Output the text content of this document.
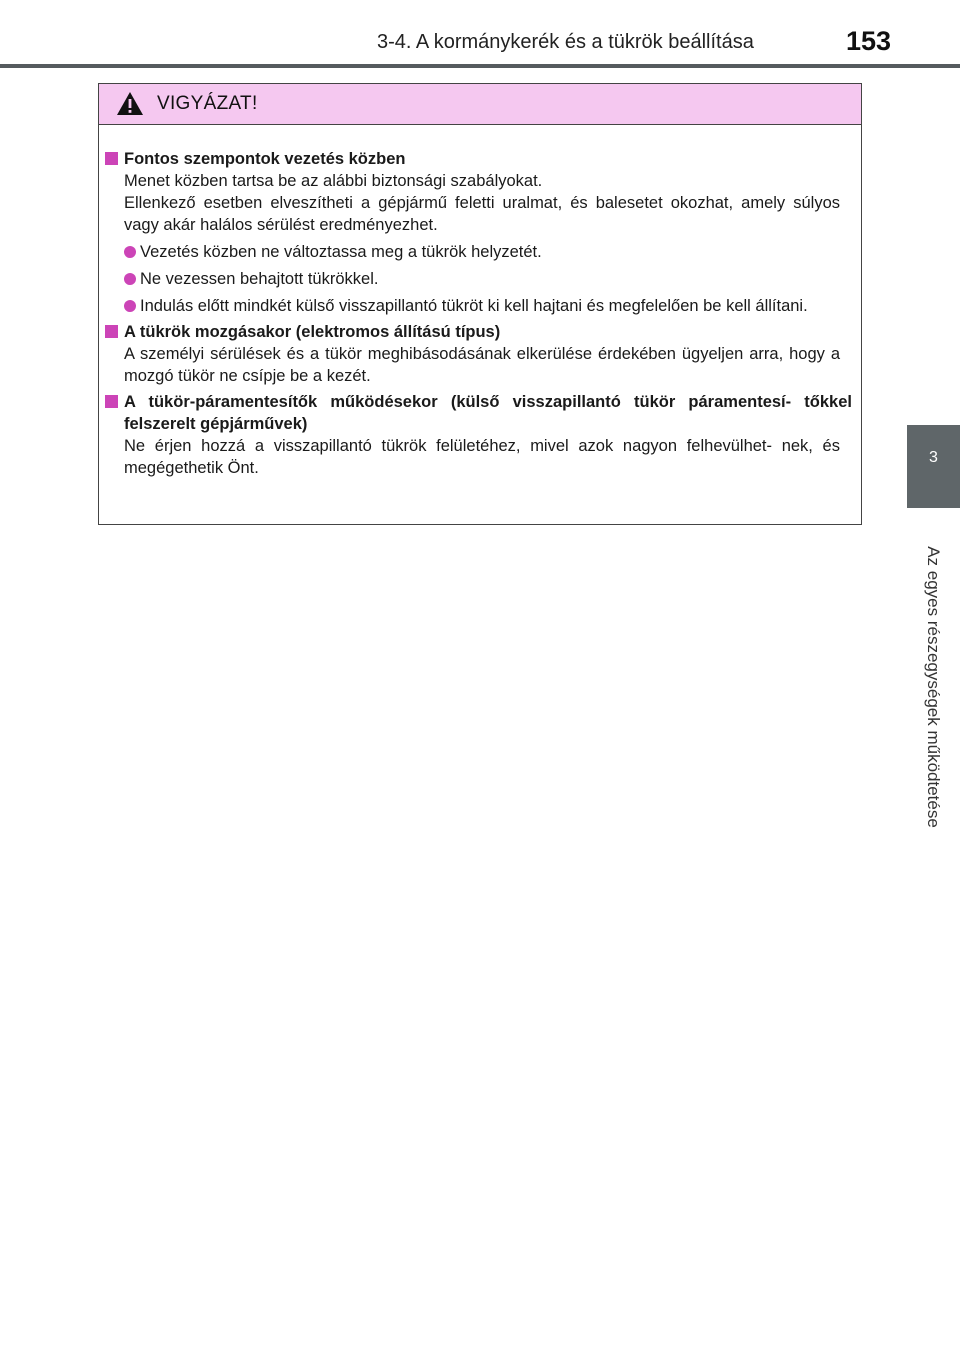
3-4. A kormánykerék és a tükrök beállítása	153
3
Az egyes részegységek működtetése
VIGYÁZAT!
Fontos szempontok vezetés közben
Menet közben tartsa be az alábbi biztonsági szabályokat.
Ellenkező esetben elveszítheti a gépjármű feletti uralmat, és balesetet okozhat, amely súlyos vagy akár halálos sérülést eredményezhet.
Vezetés közben ne változtassa meg a tükrök helyzetét.
Ne vezessen behajtott tükrökkel.
Indulás előtt mindkét külső visszapillantó tükröt ki kell hajtani és megfelelően be kell állítani.
A tükrök mozgásakor (elektromos állítású típus)
A személyi sérülések és a tükör meghibásodásának elkerülése érdekében ügyeljen arra, hogy a mozgó tükör ne csípje be a kezét.
A tükör-páramentesítők működésekor (külső visszapillantó tükör páramentesí- tőkkel felszerelt gépjárművek)
Ne érjen hozzá a visszapillantó tükrök felületéhez, mivel azok nagyon felhevülhet- nek, és megégethetik Önt.
